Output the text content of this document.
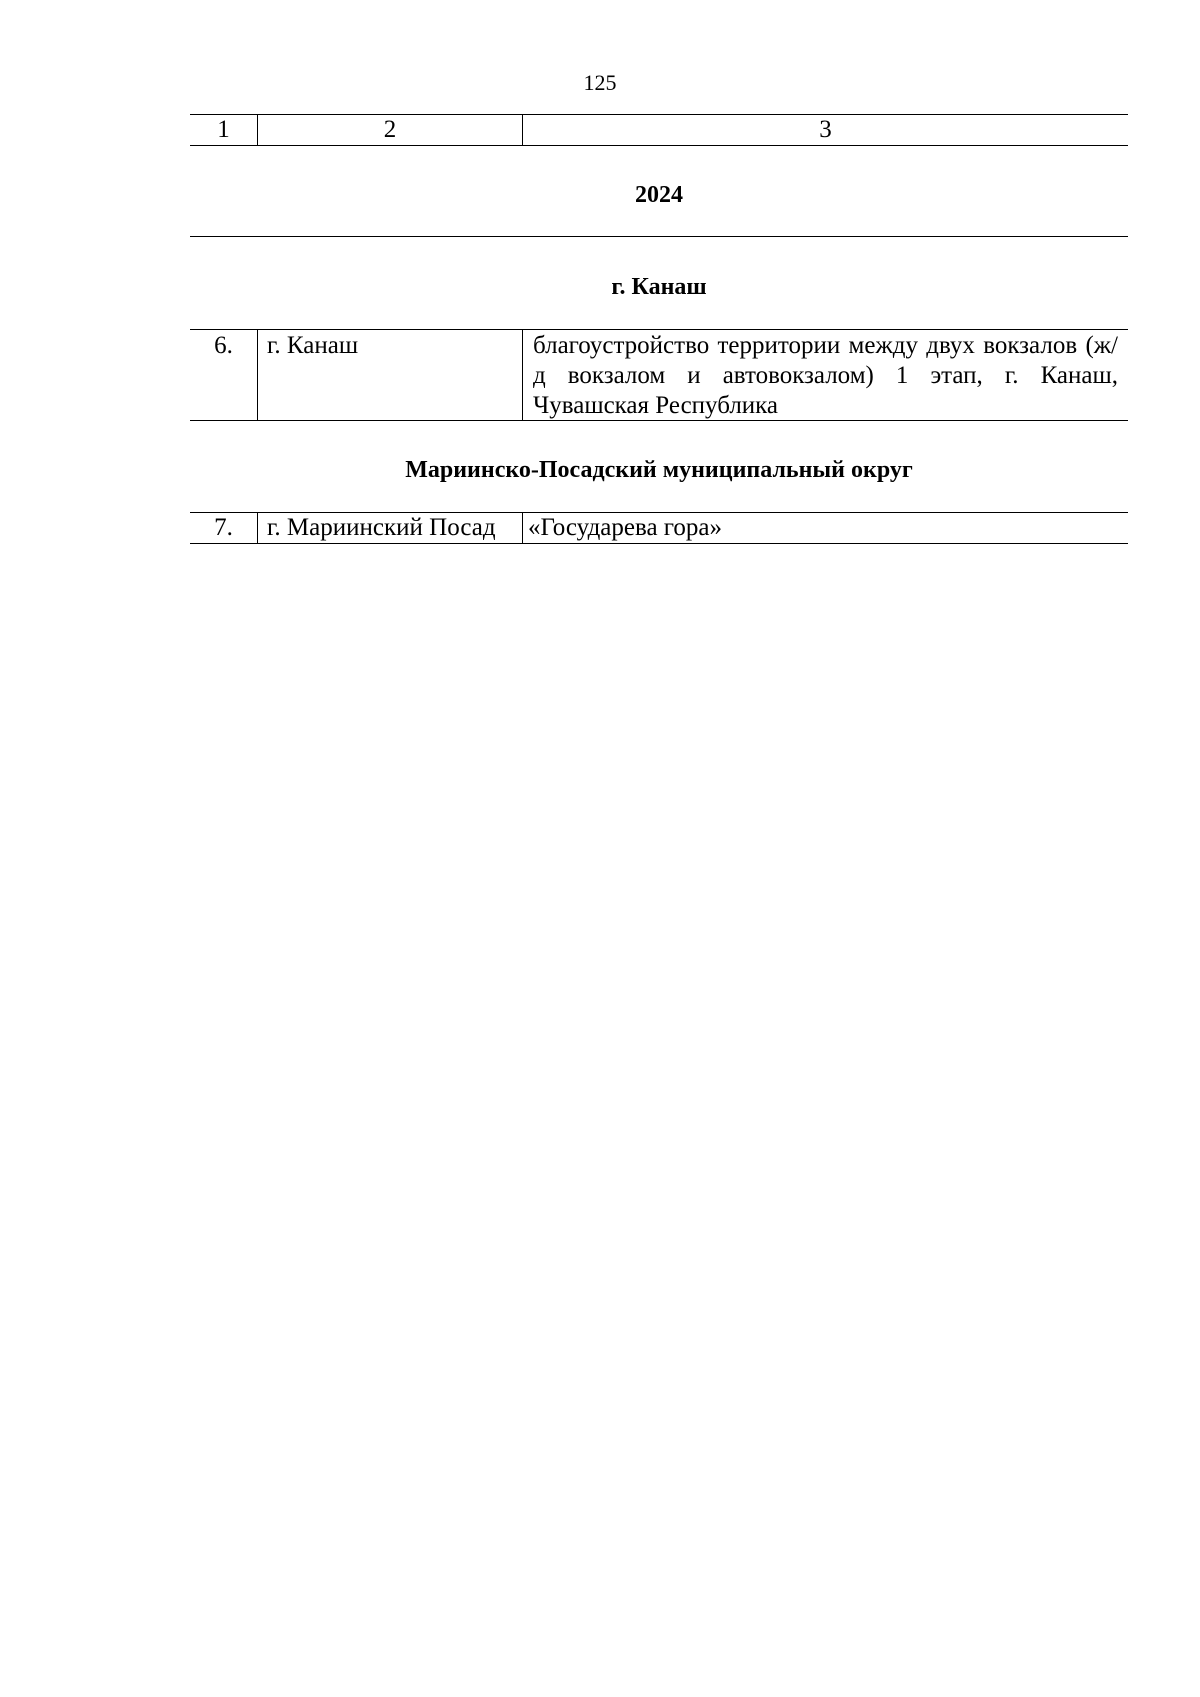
125
1	2	3
2024
г. Канаш
6.	г. Канаш	благоустройство территории между двух вокзалов (ж/д вокзалом и автовокзалом) 1 этап, г. Канаш, Чувашская Республика
Мариинско-Посадский муниципальный округ
7.	г. Мариинский Посад	«Государева гора»
